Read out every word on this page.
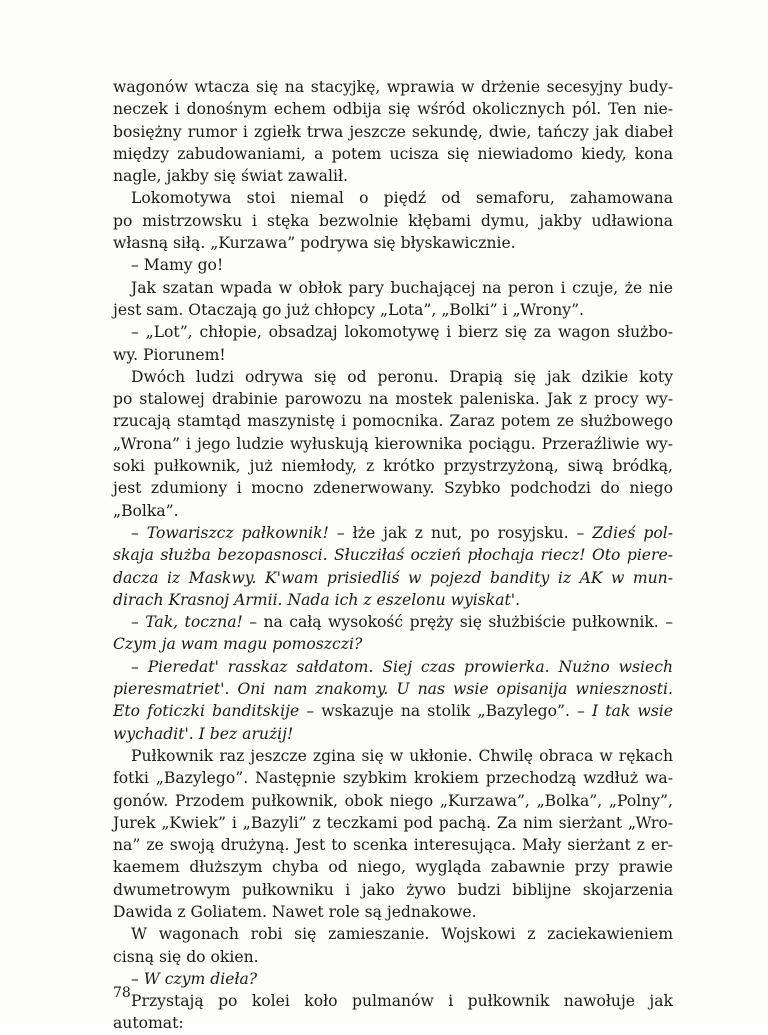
wagonów wtacza się na stacyjkę, wprawia w drżenie secesyjny budy-
neczek i donośnym echem odbija się wśród okolicznych pól. Ten nie-
bosiężny rumor i zgiełk trwa jeszcze sekundę, dwie, tańczy jak diabeł
między zabudowaniami, a potem ucisza się niewiadomo kiedy, kona
nagle, jakby się świat zawalił.
Lokomotywa stoi niemal o piędź od semaforu, zahamowana
po mistrzowsku i stęka bezwolnie kłębami dymu, jakby udławiona
własną siłą. „Kurzawa” podrywa się błyskawicznie.
– Mamy go!
Jak szatan wpada w obłok pary buchającej na peron i czuje, że nie
jest sam. Otaczają go już chłopcy „Lota”, „Bolki” i „Wrony”.
– „Lot”, chłopie, obsadzaj lokomotywę i bierz się za wagon służbo-
wy. Piorunem!
Dwóch ludzi odrywa się od peronu. Drapią się jak dzikie koty
po stalowej drabinie parowozu na mostek paleniska. Jak z procy wy-
rzucają stamtąd maszynistę i pomocnika. Zaraz potem ze służbowego
„Wrona” i jego ludzie wyłuskują kierownika pociągu. Przeraźliwie wy-
soki pułkownik, już niemłody, z krótko przystrzyżoną, siwą bródką,
jest zdumiony i mocno zdenerwowany. Szybko podchodzi do niego
„Bolka”.
– Towariszcz pałkownik! – łże jak z nut, po rosyjsku. – Zdieś pol-
skaja służba bezopasnosci. Słucziłaś oczień płochaja riecz! Oto piere-
dacza iz Maskwy. K'wam prisiedliś w pojezd bandity iz AK w mun-
dirach Krasnoj Armii. Nada ich z eszelonu wyiskat'.
– Tak, toczna! – na całą wysokość pręży się służbiście pułkownik. –
Czym ja wam magu pomoszczi?
– Pieredat' rasskaz sałdatom. Siej czas prowierka. Nużno wsiech
pieresmatriet'. Oni nam znakomy. U nas wsie opisanija wniesznosti.
Eto foticzki banditskije – wskazuje na stolik „Bazylego”. – I tak wsie
wychadit'. I bez arużij!
Pułkownik raz jeszcze zgina się w ukłonie. Chwilę obraca w rękach
fotki „Bazylego”. Następnie szybkim krokiem przechodzą wzdłuż wa-
gonów. Przodem pułkownik, obok niego „Kurzawa”, „Bolka”, „Polny”,
Jurek „Kwiek” i „Bazyli” z teczkami pod pachą. Za nim sierżant „Wro-
na” ze swoją drużyną. Jest to scenka interesująca. Mały sierżant z er-
kaemem dłuższym chyba od niego, wygląda zabawnie przy prawie
dwumetrowym pułkowniku i jako żywo budzi biblijne skojarzenia
Dawida z Goliatem. Nawet role są jednakowe.
W wagonach robi się zamieszanie. Wojskowi z zaciekawieniem
cisną się do okien.
– W czym dieła?
Przystają po kolei koło pulmanów i pułkownik nawołuje jak
automat:
78
